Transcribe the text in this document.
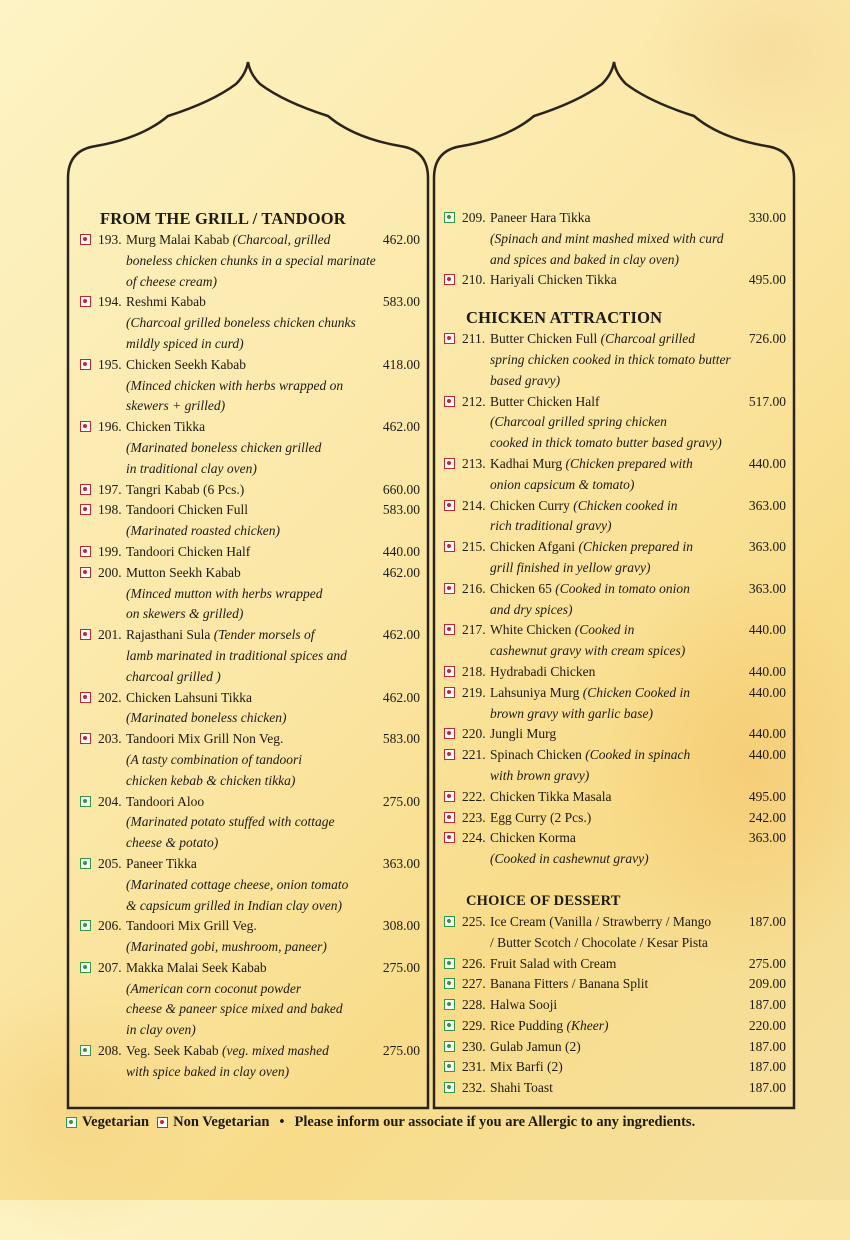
FROM THE GRILL / TANDOOR
193. Murg Malai Kabab (Charcoal, grilled	462.00
boneless chicken chunks in a special marinate
of cheese cream)
194. Reshmi Kabab	583.00
(Charcoal grilled boneless chicken chunks
mildly spiced in curd)
195. Chicken Seekh Kabab	418.00
(Minced chicken with herbs wrapped on
skewers + grilled)
196. Chicken Tikka	462.00
(Marinated boneless chicken grilled
in traditional clay oven)
197. Tangri Kabab (6 Pcs.)	660.00
198. Tandoori Chicken Full	583.00
(Marinated roasted chicken)
199. Tandoori Chicken Half	440.00
200. Mutton Seekh Kabab	462.00
(Minced mutton with herbs wrapped
on skewers & grilled)
201. Rajasthani Sula (Tender morsels of	462.00
lamb marinated in traditional spices and
charcoal grilled )
202. Chicken Lahsuni Tikka	462.00
(Marinated boneless chicken)
203. Tandoori Mix Grill Non Veg.	583.00
(A tasty combination of tandoori
chicken kebab & chicken tikka)
204. Tandoori Aloo	275.00
(Marinated potato stuffed with cottage
cheese & potato)
205. Paneer Tikka	363.00
(Marinated cottage cheese, onion tomato
& capsicum grilled in Indian clay oven)
206. Tandoori Mix Grill Veg.	308.00
(Marinated gobi, mushroom, paneer)
207. Makka Malai Seek Kabab	275.00
(American corn coconut powder
cheese & paneer spice mixed and baked
in clay oven)
208. Veg. Seek Kabab (veg. mixed mashed	275.00
with spice baked in clay oven)
209. Paneer Hara Tikka	330.00
(Spinach and mint mashed mixed with curd
and spices and baked in clay oven)
210. Hariyali Chicken Tikka	495.00
CHICKEN ATTRACTION
211. Butter Chicken Full (Charcoal grilled	726.00
spring chicken cooked in thick tomato butter
based gravy)
212. Butter Chicken Half	517.00
(Charcoal grilled spring chicken
cooked in thick tomato butter based gravy)
213. Kadhai Murg (Chicken prepared with	440.00
onion capsicum & tomato)
214. Chicken Curry (Chicken cooked in	363.00
rich traditional gravy)
215. Chicken Afgani (Chicken prepared in	363.00
grill finished in yellow gravy)
216. Chicken 65 (Cooked in tomato onion	363.00
and dry spices)
217. White Chicken (Cooked in	440.00
cashewnut gravy with cream spices)
218. Hydrabadi Chicken	440.00
219. Lahsuniya Murg (Chicken Cooked in	440.00
brown gravy with garlic base)
220. Jungli Murg	440.00
221. Spinach Chicken (Cooked in spinach	440.00
with brown gravy)
222. Chicken Tikka Masala	495.00
223. Egg Curry (2 Pcs.)	242.00
224. Chicken Korma	363.00
(Cooked in cashewnut gravy)
CHOICE OF DESSERT
225. Ice Cream (Vanilla / Strawberry / Mango	187.00
/ Butter Scotch / Chocolate / Kesar Pista
226. Fruit Salad with Cream	275.00
227. Banana Fitters / Banana Split	209.00
228. Halwa Sooji	187.00
229. Rice Pudding (Kheer)	220.00
230. Gulab Jamun (2)	187.00
231. Mix Barfi (2)	187.00
232. Shahi Toast	187.00
Vegetarian Non Vegetarian • Please inform our associate if you are Allergic to any ingredients.
